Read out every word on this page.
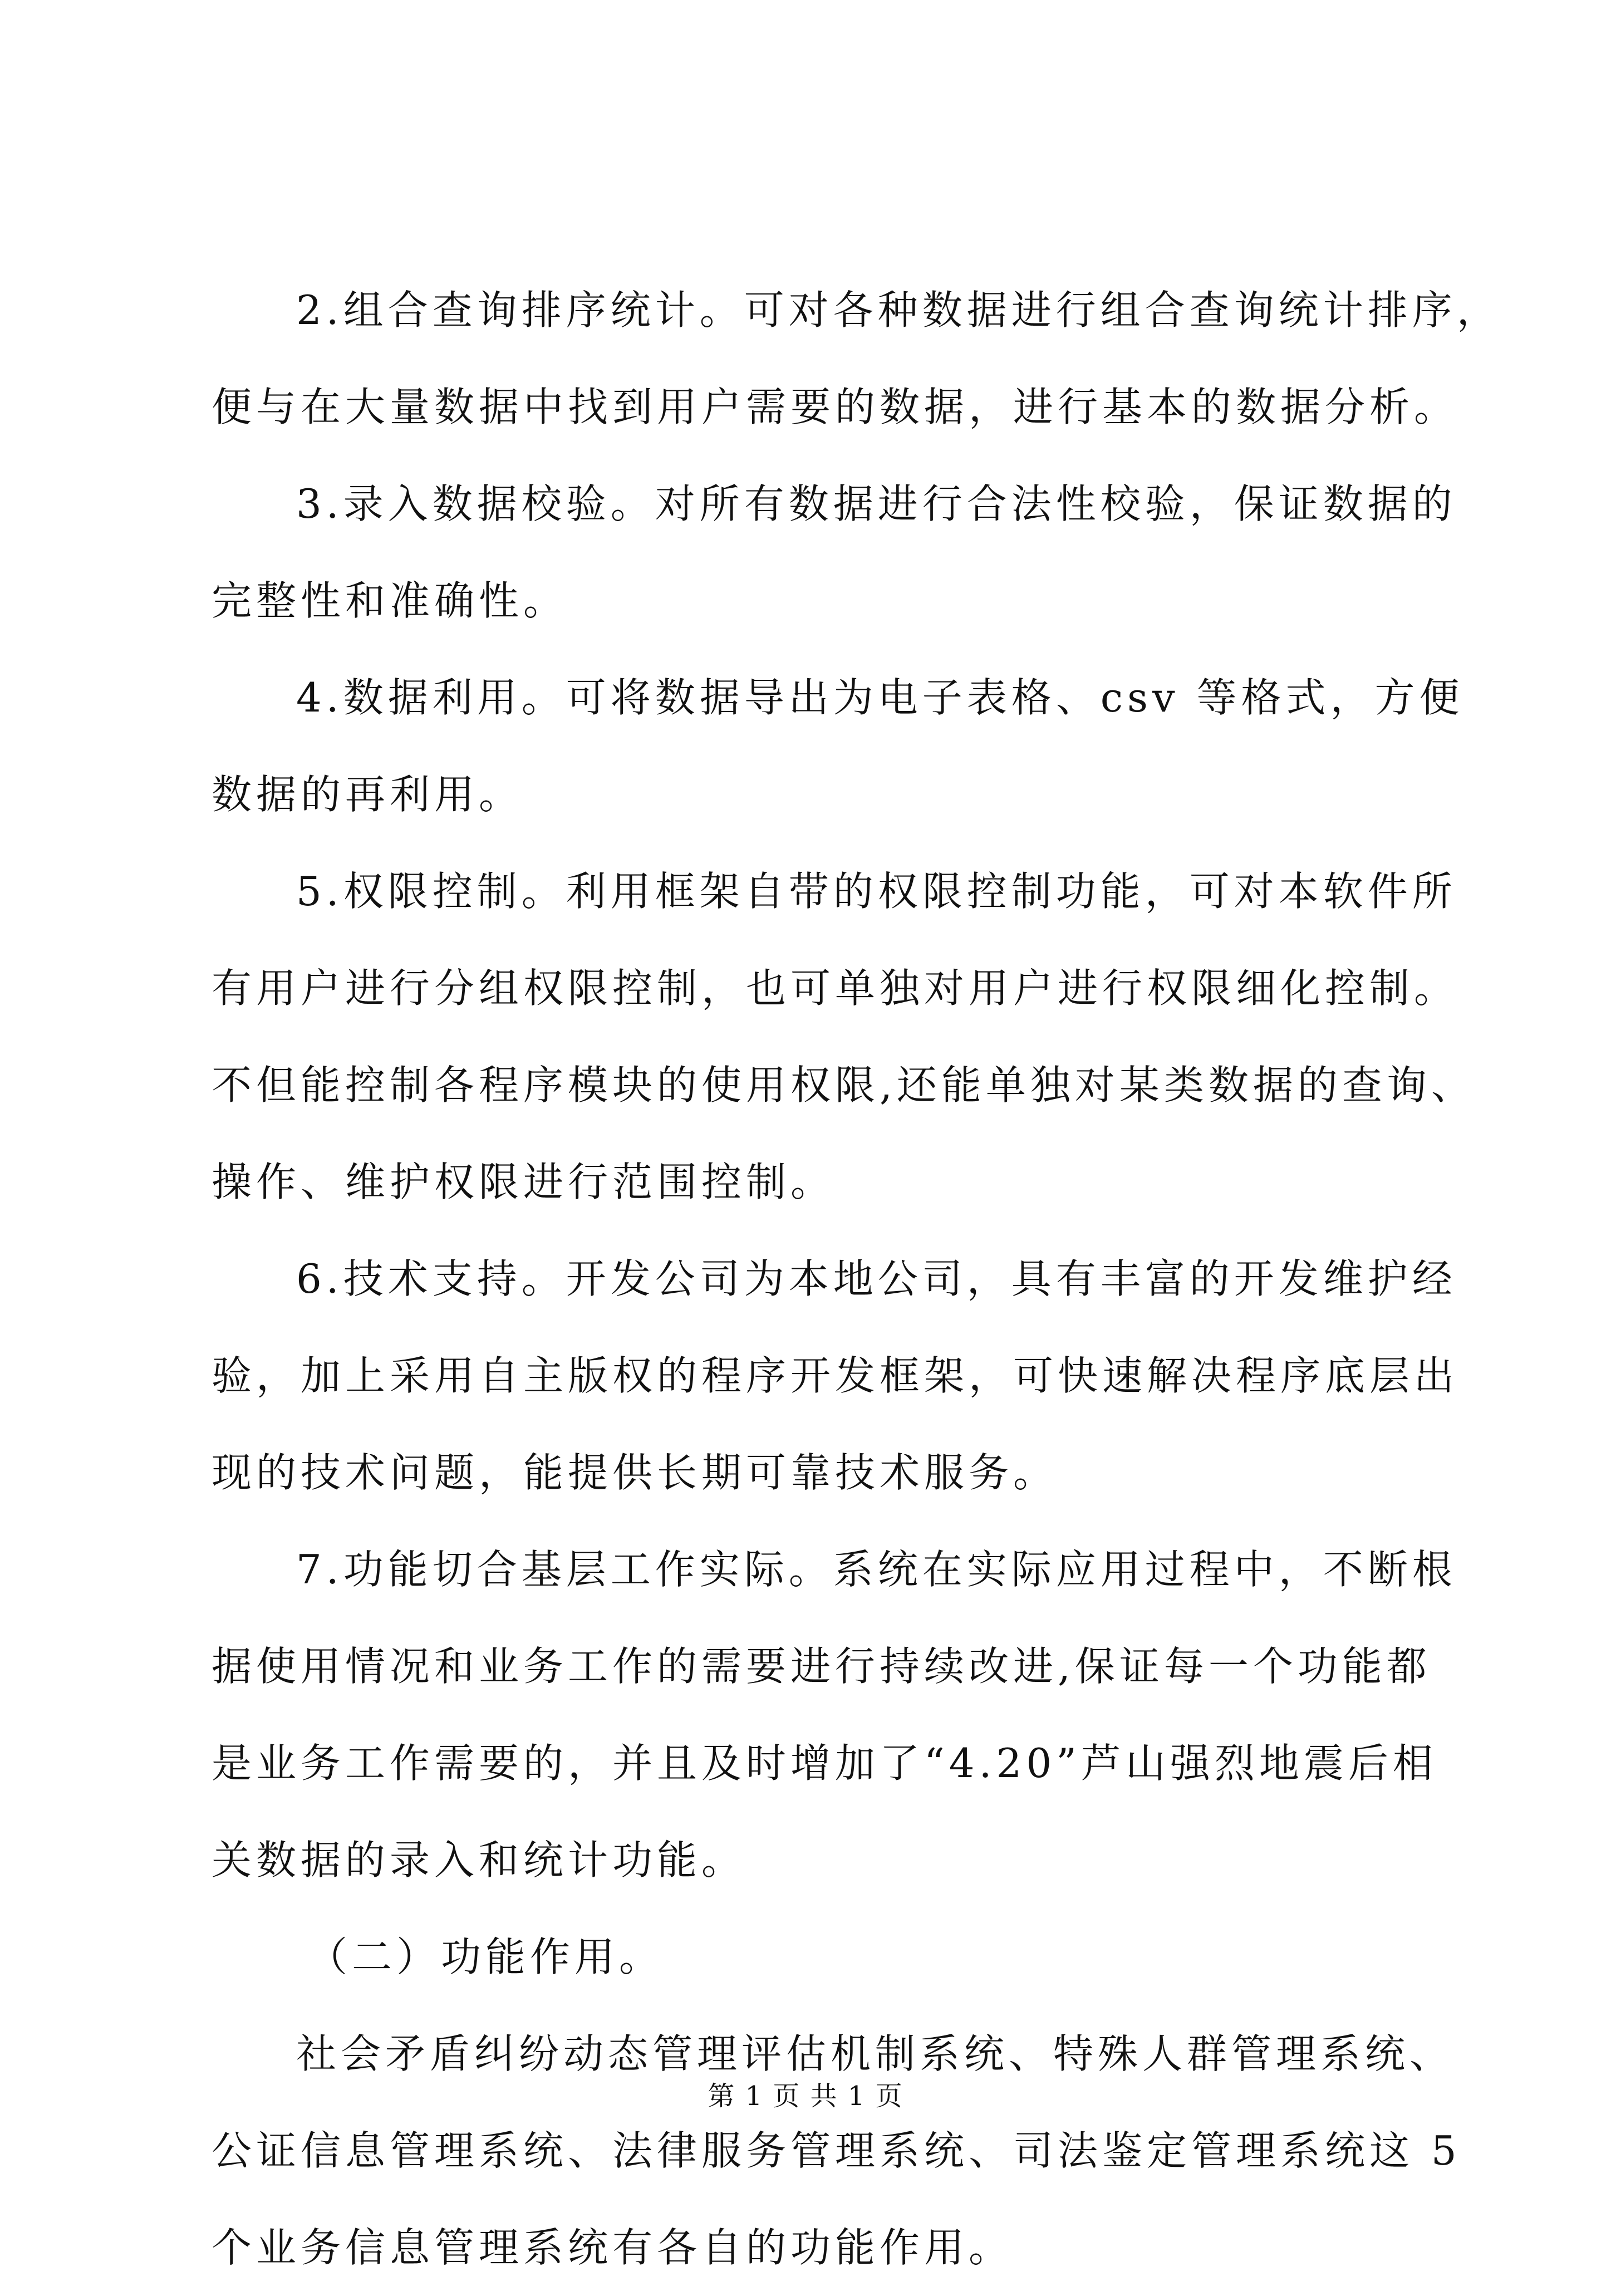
2.组合查询排序统计。可对各种数据进行组合查询统计排序，
便与在大量数据中找到用户需要的数据，进行基本的数据分析。
3.录入数据校验。对所有数据进行合法性校验，保证数据的
完整性和准确性。
4.数据利用。可将数据导出为电子表格、csv 等格式，方便
数据的再利用。
5.权限控制。利用框架自带的权限控制功能，可对本软件所
有用户进行分组权限控制，也可单独对用户进行权限细化控制。
不但能控制各程序模块的使用权限,还能单独对某类数据的查询、
操作、维护权限进行范围控制。
6.技术支持。开发公司为本地公司，具有丰富的开发维护经
验，加上采用自主版权的程序开发框架，可快速解决程序底层出
现的技术问题，能提供长期可靠技术服务。
7.功能切合基层工作实际。系统在实际应用过程中，不断根
据使用情况和业务工作的需要进行持续改进,保证每一个功能都
是业务工作需要的，并且及时增加了“4.20”芦山强烈地震后相
关数据的录入和统计功能。
（二）功能作用。
社会矛盾纠纷动态管理评估机制系统、特殊人群管理系统、
公证信息管理系统、法律服务管理系统、司法鉴定管理系统这 5
个业务信息管理系统有各自的功能作用。
第 1 页 共 1 页
